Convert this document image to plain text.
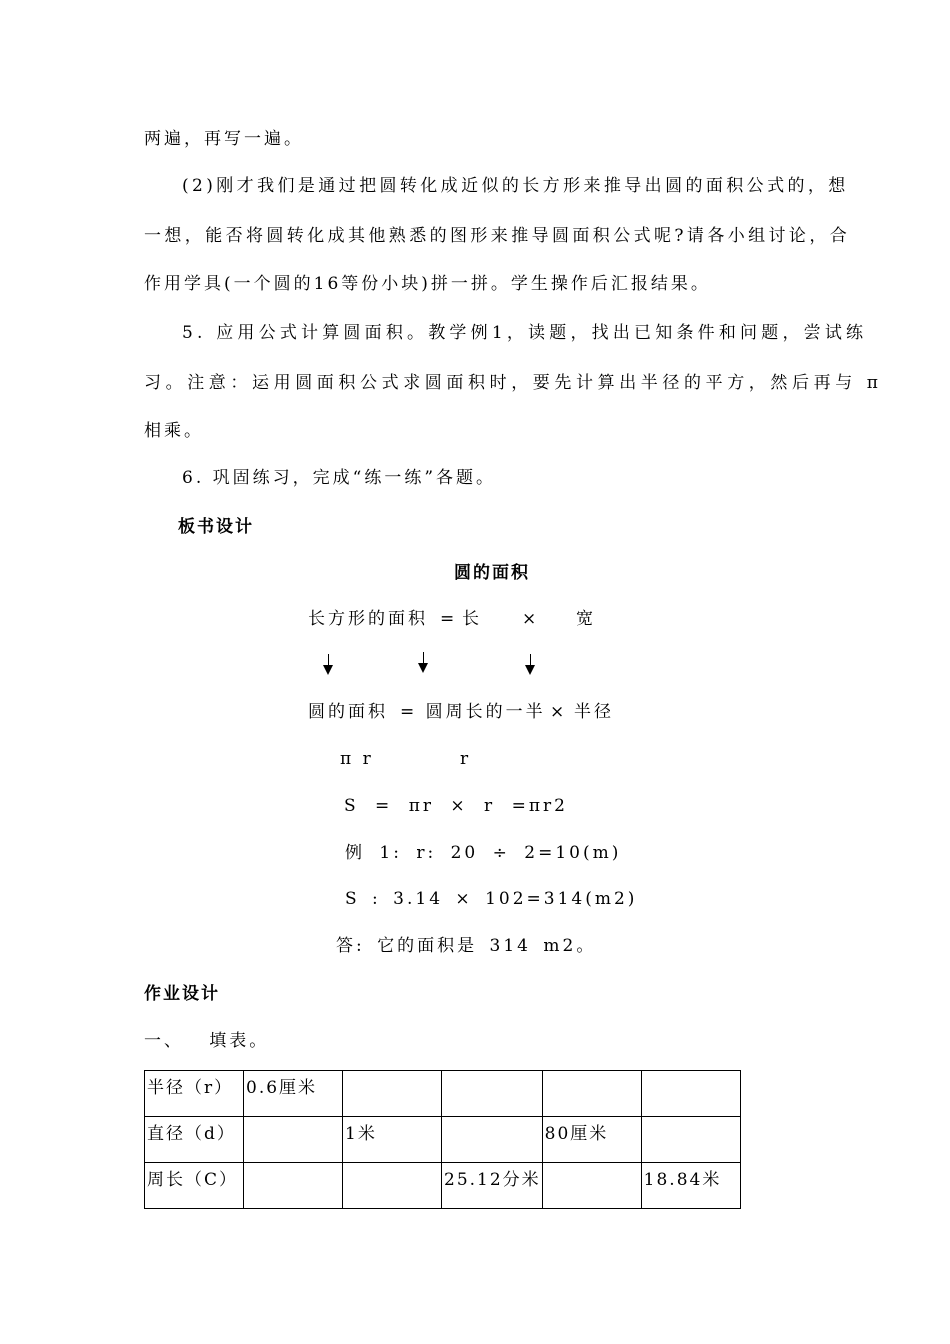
两遍，再写一遍。
(2)刚才我们是通过把圆转化成近似的长方形来推导出圆的面积公式的，想
一想，能否将圆转化成其他熟悉的图形来推导圆面积公式呢?请各小组讨论，合
作用学具(一个圆的16等份小块)拼一拼。学生操作后汇报结果。
5. 应用公式计算圆面积。教学例1，读题，找出已知条件和问题，尝试练
习。注意：运用圆面积公式求圆面积时，要先计算出半径的平方，然后再与 π
相乘。
6. 巩固练习，完成“练一练”各题。
板书设计
圆的面积
长方形的面积 = 长 × 宽
圆的面积 = 圆周长的一半 × 半径
π r	r
S = πr × r =πr2
例 1: r: 20 ÷ 2=10(m)
S : 3.14 × 102=314(m2)
答: 它的面积是 314 m2。
作业设计
一、   填表。
半径（r）	0.6厘米				
直径（d）		1米		80厘米	
周长（C）			25.12分米		18.84米
